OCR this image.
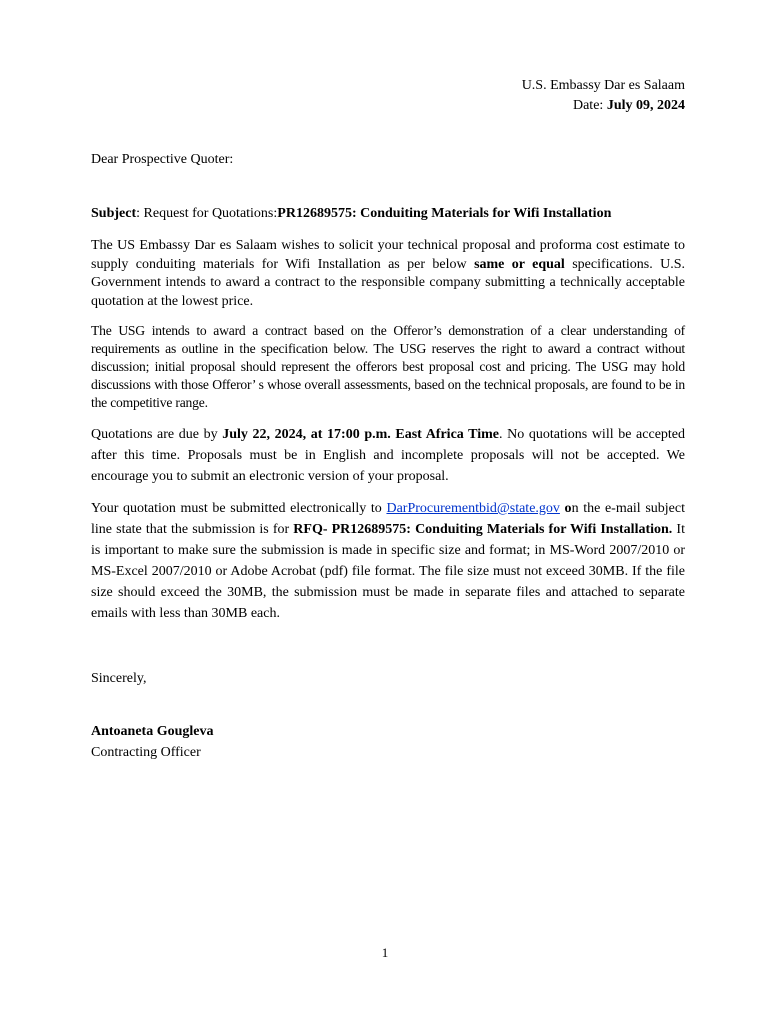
U.S. Embassy Dar es Salaam
Date: July 09, 2024
Dear Prospective Quoter:
Subject: Request for Quotations:PR12689575: Conduiting Materials for Wifi Installation

The US Embassy Dar es Salaam wishes to solicit your technical proposal and proforma cost estimate to supply conduiting materials for Wifi Installation as per below same or equal specifications. U.S. Government intends to award a contract to the responsible company submitting a technically acceptable quotation at the lowest price.

The USG intends to award a contract based on the Offeror’s demonstration of a clear understanding of requirements as outline in the specification below. The USG reserves the right to award a contract without discussion; initial proposal should represent the offerors best proposal cost and pricing. The USG may hold discussions with those Offeror’ s whose overall assessments, based on the technical proposals, are found to be in the competitive range.

Quotations are due by July 22, 2024, at 17:00 p.m. East Africa Time. No quotations will be accepted after this time. Proposals must be in English and incomplete proposals will not be accepted. We encourage you to submit an electronic version of your proposal.

Your quotation must be submitted electronically to DarProcurementbid@state.gov on the e-mail subject line state that the submission is for RFQ- PR12689575: Conduiting Materials for Wifi Installation. It is important to make sure the submission is made in specific size and format; in MS-Word 2007/2010 or MS-Excel 2007/2010 or Adobe Acrobat (pdf) file format. The file size must not exceed 30MB. If the file size should exceed the 30MB, the submission must be made in separate files and attached to separate emails with less than 30MB each.

Sincerely,
Antoaneta Gougleva
Contracting Officer
1
